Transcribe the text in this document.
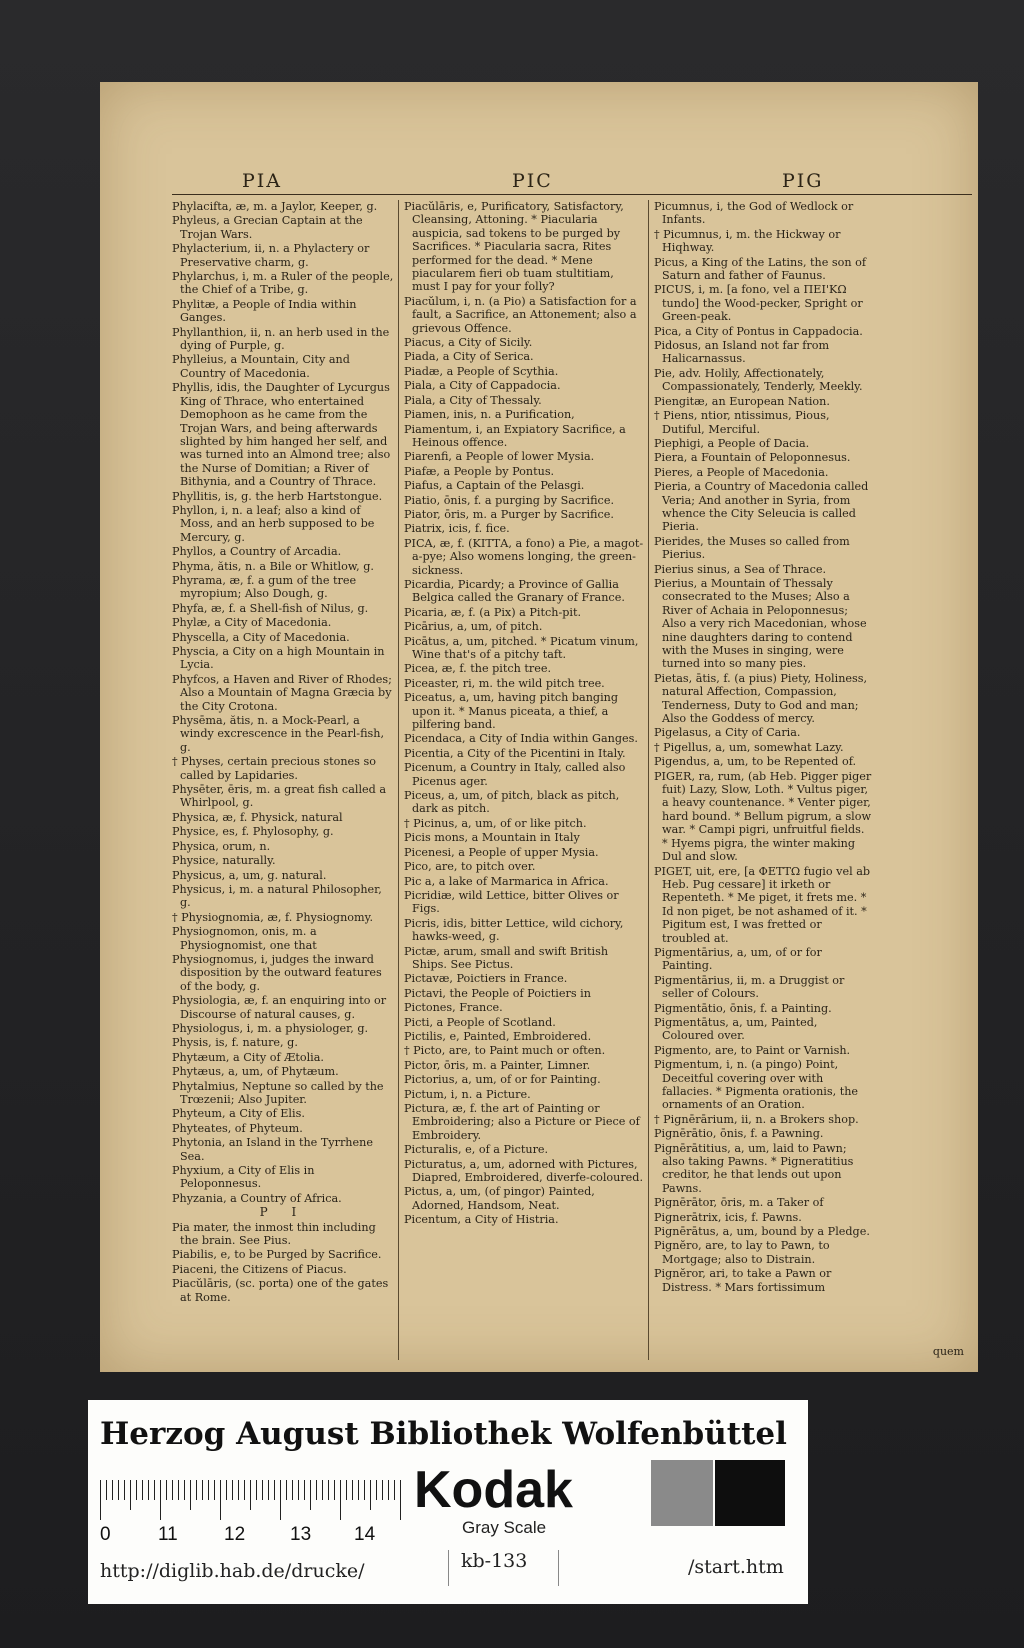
PIA	PIC	PIG

Phylacifta, æ, m. a Jaylor, Keeper, g.

Phyleus, a Grecian Captain at the Trojan Wars.

Phylacterium, ii, n. a Phylactery or Preservative charm, g.

Phylarchus, i, m. a Ruler of the people, the Chief of a Tribe, g.

Phylitæ, a People of India within Ganges.

Phyllanthion, ii, n. an herb used in the dying of Purple, g.

Phylleius, a Mountain, City and Country of Macedonia.

Phyllis, idis, the Daughter of Lycurgus King of Thrace, who entertained Demophoon as he came from the Trojan Wars, and being afterwards slighted by him hanged her self, and was turned into an Almond tree; also the Nurse of Domitian; a River of Bithynia, and a Country of Thrace.

Phyllitis, is, g. the herb Hartstongue.

Phyllon, i, n. a leaf; also a kind of Moss, and an herb supposed to be Mercury, g.

Phyllos, a Country of Arcadia.

Phyma, ătis, n. a Bile or Whitlow, g.

Phyrama, æ, f. a gum of the tree myropium; Also Dough, g.

Phyfa, æ, f. a Shell-fish of Nilus, g.

Phylæ, a City of Macedonia.

Physcella, a City of Macedonia.

Physcia, a City on a high Mountain in Lycia.

Phyfcos, a Haven and River of Rhodes; Also a Mountain of Magna Græcia by the City Crotona.

Physēma, ătis, n. a Mock-Pearl, a windy excrescence in the Pearl-fish, g.

† Physes, certain precious stones so called by Lapidaries.

Physēter, ēris, m. a great fish called a Whirlpool, g.

Physica, æ, f. Physick, natural

Physice, es, f. Phylosophy, g.

Physica, orum, n.

Physice, naturally.

Physicus, a, um, g. natural.

Physicus, i, m. a natural Philosopher, g.

† Physiognomia, æ, f. Physiognomy.

Physiognomon, onis, m. a Physiognomist, one that

Physiognomus, i, judges the inward disposition by the outward features of the body, g.

Physiologia, æ, f. an enquiring into or Discourse of natural causes, g.

Physiologus, i, m. a physiologer, g.

Physis, is, f. nature, g.

Phytæum, a City of Ætolia.

Phytæus, a, um, of Phytæum.

Phytalmius, Neptune so called by the Trœzenii; Also Jupiter.

Phyteum, a City of Elis.

Phyteates, of Phyteum.

Phytonia, an Island in the Tyrrhene Sea.

Phyxium, a City of Elis in Peloponnesus.

Phyzania, a Country of Africa.

P I

Pia mater, the inmost thin including the brain. See Pius.

Piabilis, e, to be Purged by Sacrifice.

Piaceni, the Citizens of Piacus.

Piacŭlāris, (sc. porta) one of the gates at Rome.

Piacŭlāris, e, Purificatory, Satisfactory, Cleansing, Attoning. * Piacularia auspicia, sad tokens to be purged by Sacrifices. * Piacularia sacra, Rites performed for the dead. * Mene piacularem fieri ob tuam stultitiam, must I pay for your folly?

Piacŭlum, i, n. (a Pio) a Satisfaction for a fault, a Sacrifice, an Attonement; also a grievous Offence.

Piacus, a City of Sicily.

Piada, a City of Serica.

Piadæ, a People of Scythia.

Piala, a City of Cappadocia.

Piala, a City of Thessaly.

Piamen, inis, n. a Purification,

Piamentum, i, an Expiatory Sacrifice, a Heinous offence.

Piarenfi, a People of lower Mysia.

Piafæ, a People by Pontus.

Piafus, a Captain of the Pelasgi.

Piatio, ōnis, f. a purging by Sacrifice.

Piator, ōris, m. a Purger by Sacrifice.

Piatrix, icis, f. fice.

PICA, æ, f. (ΚΙΤΤΑ, a fono) a Pie, a magot-a-pye; Also womens longing, the green-sickness.

Picardia, Picardy; a Province of Gallia Belgica called the Granary of France.

Picaria, æ, f. (a Pix) a Pitch-pit.

Picārius, a, um, of pitch.

Picātus, a, um, pitched. * Picatum vinum, Wine that's of a pitchy taft.

Picea, æ, f. the pitch tree.

Piceaster, ri, m. the wild pitch tree.

Piceatus, a, um, having pitch banging upon it. * Manus piceata, a thief, a pilfering band.

Picendaca, a City of India within Ganges.

Picentia, a City of the Picentini in Italy.

Picenum, a Country in Italy, called also Picenus ager.

Piceus, a, um, of pitch, black as pitch, dark as pitch.

† Picinus, a, um, of or like pitch.

Picis mons, a Mountain in Italy

Picenesi, a People of upper Mysia.

Pico, are, to pitch over.

Pic a, a lake of Marmarica in Africa.

Picridiæ, wild Lettice, bitter Olives or Figs.

Picris, idis, bitter Lettice, wild cichory, hawks-weed, g.

Pictæ, arum, small and swift British Ships. See Pictus.

Pictavæ, Poictiers in France.

Pictavi, the People of Poictiers in

Pictones, France.

Picti, a People of Scotland.

Pictilis, e, Painted, Embroidered.

† Picto, are, to Paint much or often.

Pictor, ōris, m. a Painter, Limner.

Pictorius, a, um, of or for Painting.

Pictum, i, n. a Picture.

Pictura, æ, f. the art of Painting or Embroidering; also a Picture or Piece of Embroidery.

Picturalis, e, of a Picture.

Picturatus, a, um, adorned with Pictures, Diapred, Embroidered, diverfe-coloured.

Pictus, a, um, (of pingor) Painted, Adorned, Handsom, Neat.

Picentum, a City of Histria.

Picumnus, i, the God of Wedlock or Infants.

† Picumnus, i, m. the Hickway or Hiqhway.

Picus, a King of the Latins, the son of Saturn and father of Faunus.

PICUS, i, m. [a fono, vel a ΠΕΙ'ΚΩ tundo] the Wood-pecker, Spright or Green-peak.

Pica, a City of Pontus in Cappadocia.

Pidosus, an Island not far from Halicarnassus.

Pie, adv. Holily, Affectionately, Compassionately, Tenderly, Meekly.

Piengitæ, an European Nation.

† Piens, ntior, ntissimus, Pious, Dutiful, Merciful.

Piephigi, a People of Dacia.

Piera, a Fountain of Peloponnesus.

Pieres, a People of Macedonia.

Pieria, a Country of Macedonia called Veria; And another in Syria, from whence the City Seleucia is called Pieria.

Pierides, the Muses so called from Pierius.

Pierius sinus, a Sea of Thrace.

Pierius, a Mountain of Thessaly consecrated to the Muses; Also a River of Achaia in Peloponnesus; Also a very rich Macedonian, whose nine daughters daring to contend with the Muses in singing, were turned into so many pies.

Pietas, ātis, f. (a pius) Piety, Holiness, natural Affection, Compassion, Tenderness, Duty to God and man; Also the Goddess of mercy.

Pigelasus, a City of Caria.

† Pigellus, a, um, somewhat Lazy.

Pigendus, a, um, to be Repented of.

PIGER, ra, rum, (ab Heb. Pigger piger fuit) Lazy, Slow, Loth. * Vultus piger, a heavy countenance. * Venter piger, hard bound. * Bellum pigrum, a slow war. * Campi pigri, unfruitful fields. * Hyems pigra, the winter making Dul and slow.

PIGET, uit, ere, [a ΦΕΤΤΩ fugio vel ab Heb. Pug cessare] it irketh or Repenteth. * Me piget, it frets me. * Id non piget, be not ashamed of it. * Pigitum est, I was fretted or troubled at.

Pigmentārius, a, um, of or for Painting.

Pigmentārius, ii, m. a Druggist or seller of Colours.

Pigmentātio, ōnis, f. a Painting.

Pigmentātus, a, um, Painted, Coloured over.

Pigmento, are, to Paint or Varnish.

Pigmentum, i, n. (a pingo) Point, Deceitful covering over with fallacies. * Pigmenta orationis, the ornaments of an Oration.

† Pignērārium, ii, n. a Brokers shop.

Pignērātio, ōnis, f. a Pawning.

Pignērātitius, a, um, laid to Pawn; also taking Pawns. * Pigneratitius creditor, he that lends out upon Pawns.

Pignērātor, ōris, m. a Taker of

Pignerātrix, icis, f. Pawns.

Pignērātus, a, um, bound by a Pledge.

Pignĕro, are, to lay to Pawn, to Mortgage; also to Distrain.

Pignĕror, ari, to take a Pawn or Distress. * Mars fortissimum

quem
Herzog August Bibliothek Wolfenbüttel
0 11 12 13 14
Kodak
Gray Scale
http://diglib.hab.de/drucke/	kb-133	/start.htm
